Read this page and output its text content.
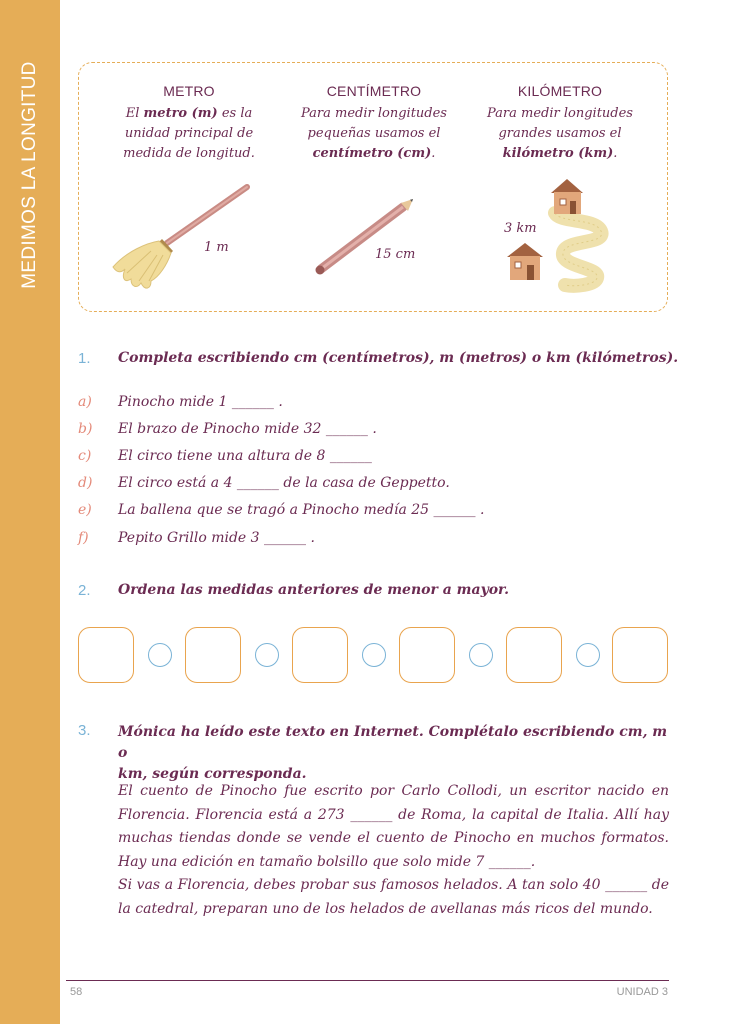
MEDIMOS LA LONGITUD	METRO
El metro (m) es la unidad principal de medida de longitud.
CENTÍMETRO
Para medir longitudes pequeñas usamos el centímetro (cm).
KILÓMETRO
Para medir longitudes grandes usamos el kilómetro (km).
1 m	15 cm
3 km
1. Completa escribiendo cm (centímetros), m (metros) o km (kilómetros).
a) Pinocho mide 1 ______ .
b) El brazo de Pinocho mide 32 ______ .
c) El circo tiene una altura de 8 ______
d) El circo está a 4 ______ de la casa de Geppetto.
e) La ballena que se tragó a Pinocho medía 25 ______ .
f) Pepito Grillo mide 3 ______ .
2. Ordena las medidas anteriores de menor a mayor.
3. Mónica ha leído este texto en Internet. Complétalo escribiendo cm, m o
km, según corresponda.

El cuento de Pinocho fue escrito por Carlo Collodi, un escritor nacido en Florencia. Florencia está a 273 ______ de Roma, la capital de Italia. Allí hay muchas tiendas donde se vende el cuento de Pinocho en muchos formatos. Hay una edición en tamaño bolsillo que solo mide 7 ______.

Si vas a Florencia, debes probar sus famosos helados. A tan solo 40 ______ de la catedral, preparan uno de los helados de avellanas más ricos del mundo.

58	UNIDAD 3
